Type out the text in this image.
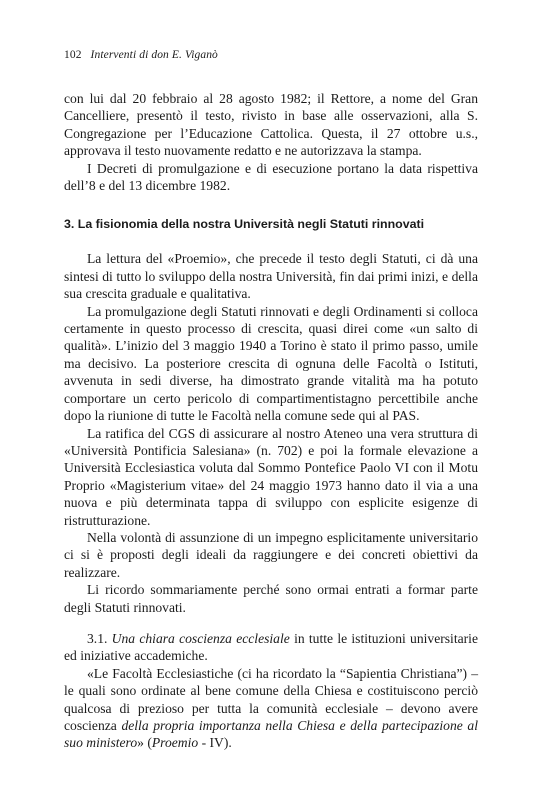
102 Interventi di don E. Viganò

con lui dal 20 febbraio al 28 agosto 1982; il Rettore, a nome del Gran Cancelliere, presentò il testo, rivisto in base alle osservazioni, alla S. Congregazione per l’Educazione Cattolica. Questa, il 27 ottobre u.s., approvava il testo nuovamente redatto e ne autorizzava la stampa.

I Decreti di promulgazione e di esecuzione portano la data rispettiva dell’8 e del 13 dicembre 1982.

3. La fisionomia della nostra Università negli Statuti rinnovati

La lettura del «Proemio», che precede il testo degli Statuti, ci dà una sintesi di tutto lo sviluppo della nostra Università, fin dai primi inizi, e della sua crescita graduale e qualitativa.

La promulgazione degli Statuti rinnovati e degli Ordinamenti si colloca certamente in questo processo di crescita, quasi direi come «un salto di qualità». L’inizio del 3 maggio 1940 a Torino è stato il primo passo, umile ma decisivo. La posteriore crescita di ognuna delle Facoltà o Istituti, avvenuta in sedi diverse, ha dimostrato grande vitalità ma ha potuto comportare un certo pericolo di compartimentistagno percettibile anche dopo la riunione di tutte le Facoltà nella comune sede qui al PAS.

La ratifica del CGS di assicurare al nostro Ateneo una vera struttura di «Università Pontificia Salesiana» (n. 702) e poi la formale elevazione a Università Ecclesiastica voluta dal Sommo Pontefice Paolo VI con il Motu Proprio «Magisterium vitae» del 24 maggio 1973 hanno dato il via a una nuova e più determinata tappa di sviluppo con esplicite esigenze di ristrutturazione.

Nella volontà di assunzione di un impegno esplicitamente universitario ci si è proposti degli ideali da raggiungere e dei concreti obiettivi da realizzare.

Li ricordo sommariamente perché sono ormai entrati a formar parte degli Statuti rinnovati.

3.1. Una chiara coscienza ecclesiale in tutte le istituzioni universitarie ed iniziative accademiche.

«Le Facoltà Ecclesiastiche (ci ha ricordato la “Sapientia Christiana”) – le quali sono ordinate al bene comune della Chiesa e costituiscono perciò qualcosa di prezioso per tutta la comunità ecclesiale – devono avere coscienza della propria importanza nella Chiesa e della partecipazione al suo ministero» (Proemio - IV).
